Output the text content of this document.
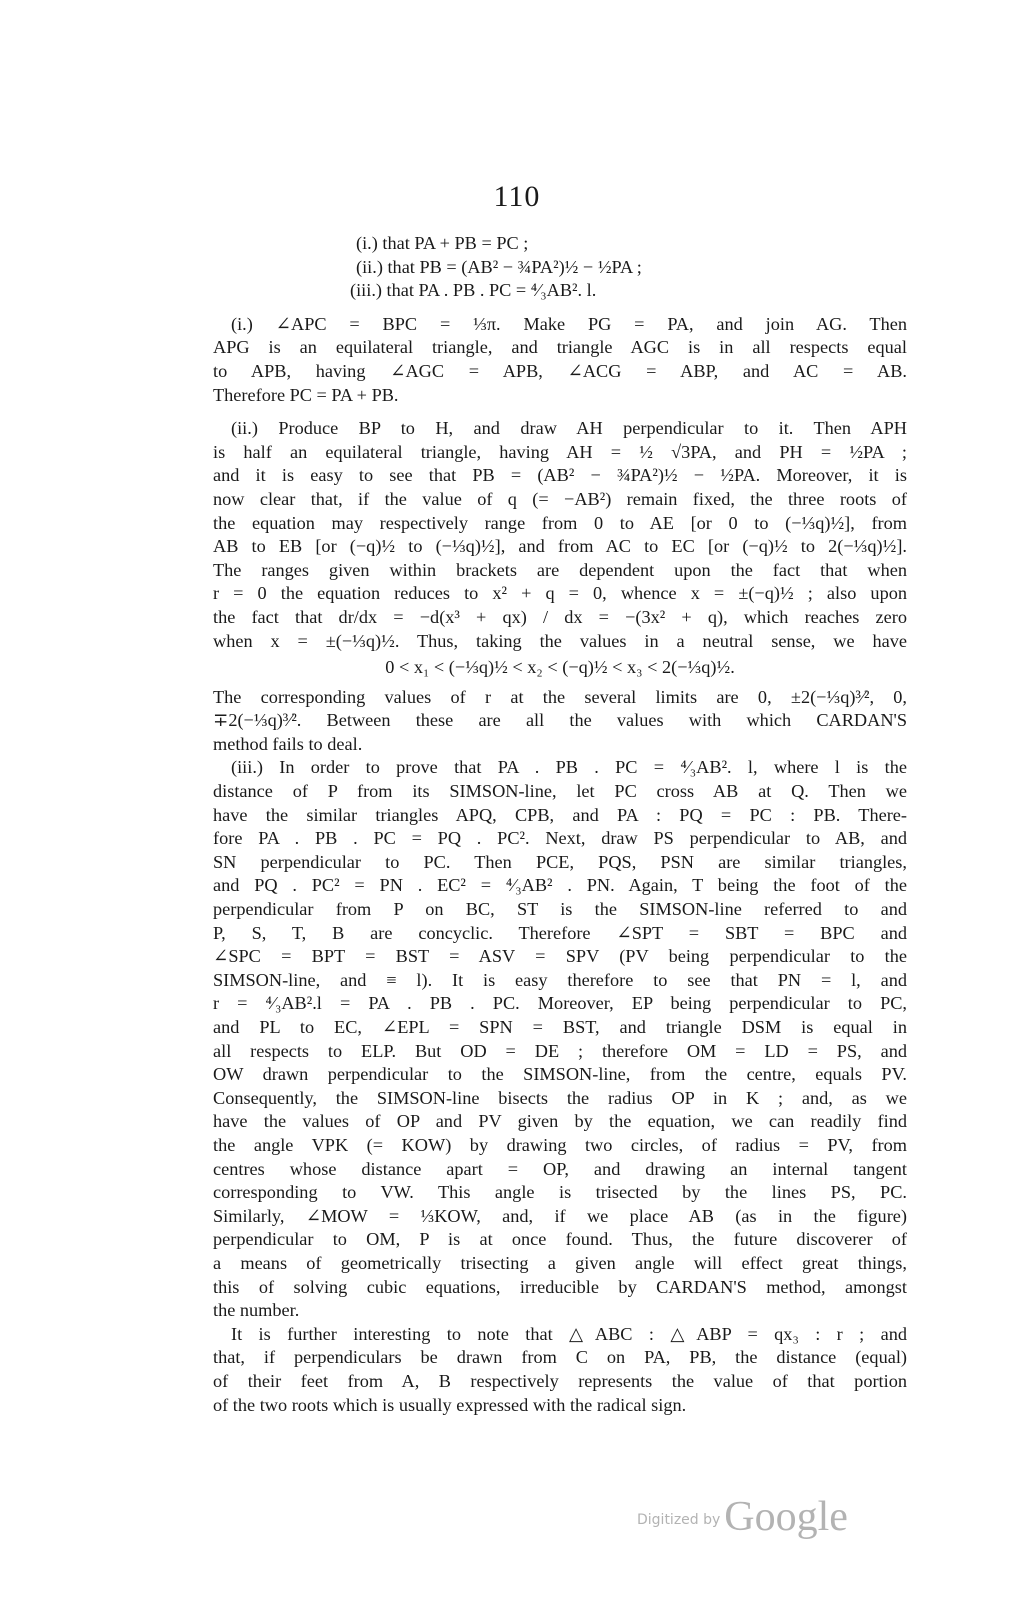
110
(i.) that PA + PB = PC ;
(ii.) that PB = (AB² − ¾PA²)½ − ½PA ;
(iii.) that PA . PB . PC = ⁴⁄₃AB². l.
(i.) ∠APC = BPC = ⅓π. Make PG = PA, and join AG. Then
APG is an equilateral triangle, and triangle AGC is in all respects equal
to APB, having ∠AGC = APB, ∠ACG = ABP, and AC = AB.
Therefore PC = PA + PB.
(ii.) Produce BP to H, and draw AH perpendicular to it. Then APH
is half an equilateral triangle, having AH = ½ √3PA, and PH = ½PA ;
and it is easy to see that PB = (AB² − ¾PA²)½ − ½PA. Moreover, it is
now clear that, if the value of q (= −AB²) remain fixed, the three roots of
the equation may respectively range from 0 to AE [or 0 to (−⅓q)½], from
AB to EB [or (−q)½ to (−⅓q)½], and from AC to EC [or (−q)½ to 2(−⅓q)½].
The ranges given within brackets are dependent upon the fact that when
r = 0 the equation reduces to x² + q = 0, whence x = ±(−q)½ ; also upon
the fact that dr/dx = −d(x³ + qx) / dx = −(3x² + q), which reaches zero
when x = ±(−⅓q)½. Thus, taking the values in a neutral sense, we have
0 < x₁ < (−⅓q)½ < x₂ < (−q)½ < x₃ < 2(−⅓q)½.
The corresponding values of r at the several limits are 0, ±2(−⅓q)³⁄², 0,
∓2(−⅓q)³⁄². Between these are all the values with which CARDAN'S
method fails to deal.
(iii.) In order to prove that PA . PB . PC = ⁴⁄₃AB². l, where l is the
distance of P from its SIMSON-line, let PC cross AB at Q. Then we
have the similar triangles APQ, CPB, and PA : PQ = PC : PB. There-
fore PA . PB . PC = PQ . PC². Next, draw PS perpendicular to AB, and
SN perpendicular to PC. Then PCE, PQS, PSN are similar triangles,
and PQ . PC² = PN . EC² = ⁴⁄₃AB² . PN. Again, T being the foot of the
perpendicular from P on BC, ST is the SIMSON-line referred to and
P, S, T, B are concyclic. Therefore ∠SPT = SBT = BPC and
∠SPC = BPT = BST = ASV = SPV (PV being perpendicular to the
SIMSON-line, and ≡ l). It is easy therefore to see that PN = l, and
r = ⁴⁄₃AB².l = PA . PB . PC. Moreover, EP being perpendicular to PC,
and PL to EC, ∠EPL = SPN = BST, and triangle DSM is equal in
all respects to ELP. But OD = DE ; therefore OM = LD = PS, and
OW drawn perpendicular to the SIMSON-line, from the centre, equals PV.
Consequently, the SIMSON-line bisects the radius OP in K ; and, as we
have the values of OP and PV given by the equation, we can readily find
the angle VPK (= KOW) by drawing two circles, of radius = PV, from
centres whose distance apart = OP, and drawing an internal tangent
corresponding to VW. This angle is trisected by the lines PS, PC.
Similarly, ∠MOW = ⅓KOW, and, if we place AB (as in the figure)
perpendicular to OM, P is at once found. Thus, the future discoverer of
a means of geometrically trisecting a given angle will effect great things,
this of solving cubic equations, irreducible by CARDAN'S method, amongst
the number.
It is further interesting to note that △ABC : △ABP = qx₃ : r ; and
that, if perpendiculars be drawn from C on PA, PB, the distance (equal)
of their feet from A, B respectively represents the value of that portion
of the two roots which is usually expressed with the radical sign.
Digitized by Google
